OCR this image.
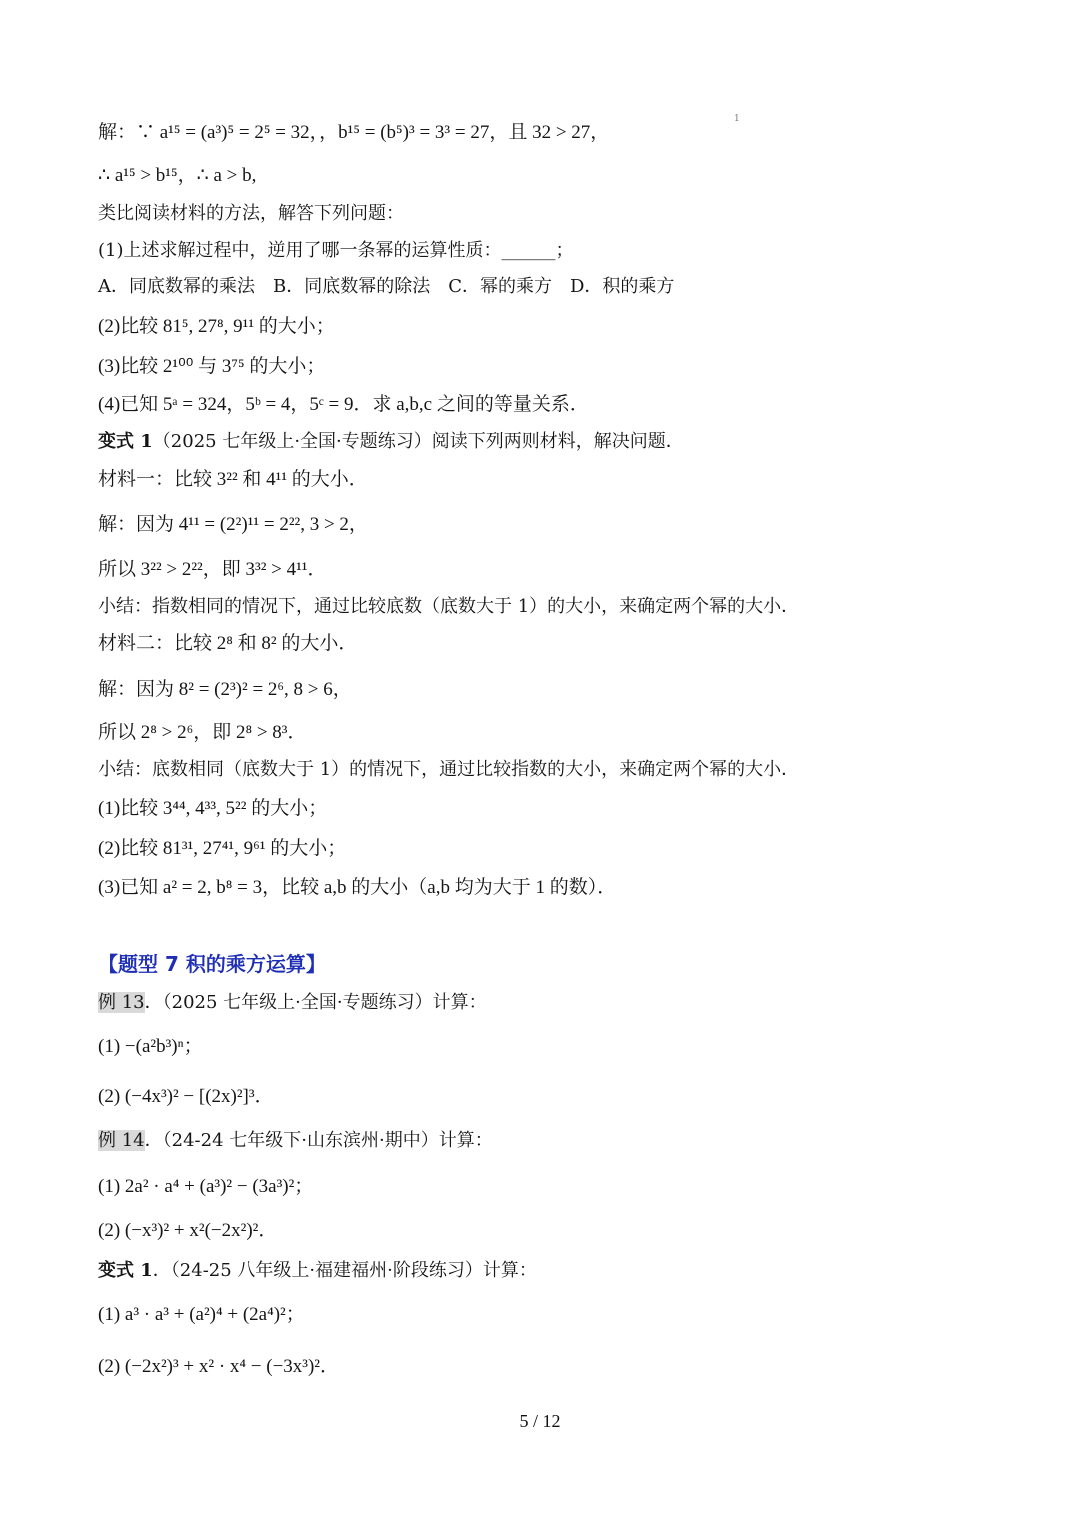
1

解：∵ a¹⁵ = (a³)⁵ = 2⁵ = 32，，b¹⁵ = (b⁵)³ = 3³ = 27，且 32 > 27，

∴ a¹⁵ > b¹⁵，∴ a > b,

类比阅读材料的方法，解答下列问题：

(1)上述求解过程中，逆用了哪一条幂的运算性质：______；

A．同底数幂的乘法　B．同底数幂的除法　C．幂的乘方　D．积的乘方

(2)比较 81⁵, 27⁸, 9¹¹ 的大小；

(3)比较 2¹⁰⁰ 与 3⁷⁵ 的大小；

(4)已知 5ᵃ = 324，5ᵇ = 4，5ᶜ = 9．求 a,b,c 之间的等量关系．

变式 1（2025 七年级上·全国·专题练习）阅读下列两则材料，解决问题．

材料一：比较 3²² 和 4¹¹ 的大小．

解：因为 4¹¹ = (2²)¹¹ = 2²², 3 > 2，

所以 3²² > 2²²，即 3³² > 4¹¹．

小结：指数相同的情况下，通过比较底数（底数大于 1）的大小，来确定两个幂的大小．

材料二：比较 2⁸ 和 8² 的大小．

解：因为 8² = (2³)² = 2⁶, 8 > 6，

所以 2⁸ > 2⁶，即 2⁸ > 8³．

小结：底数相同（底数大于 1）的情况下，通过比较指数的大小，来确定两个幂的大小．

(1)比较 3⁴⁴, 4³³, 5²² 的大小；

(2)比较 81³¹, 27⁴¹, 9⁶¹ 的大小；

(3)已知 a² = 2, b⁸ = 3，比较 a,b 的大小（a,b 均为大于 1 的数）．

【题型 7 积的乘方运算】

例 13．（2025 七年级上·全国·专题练习）计算：

(1) −(a²b³)ⁿ；

(2) (−4x³)² − [(2x)²]³．

例 14．（24-24 七年级下·山东滨州·期中）计算：

(1) 2a² · a⁴ + (a³)² − (3a³)²；

(2) (−x³)² + x²(−2x²)²．

变式 1．（24-25 八年级上·福建福州·阶段练习）计算：

(1) a³ · a³ + (a²)⁴ + (2a⁴)²；

(2) (−2x²)³ + x² · x⁴ − (−3x³)²．

5 / 12
